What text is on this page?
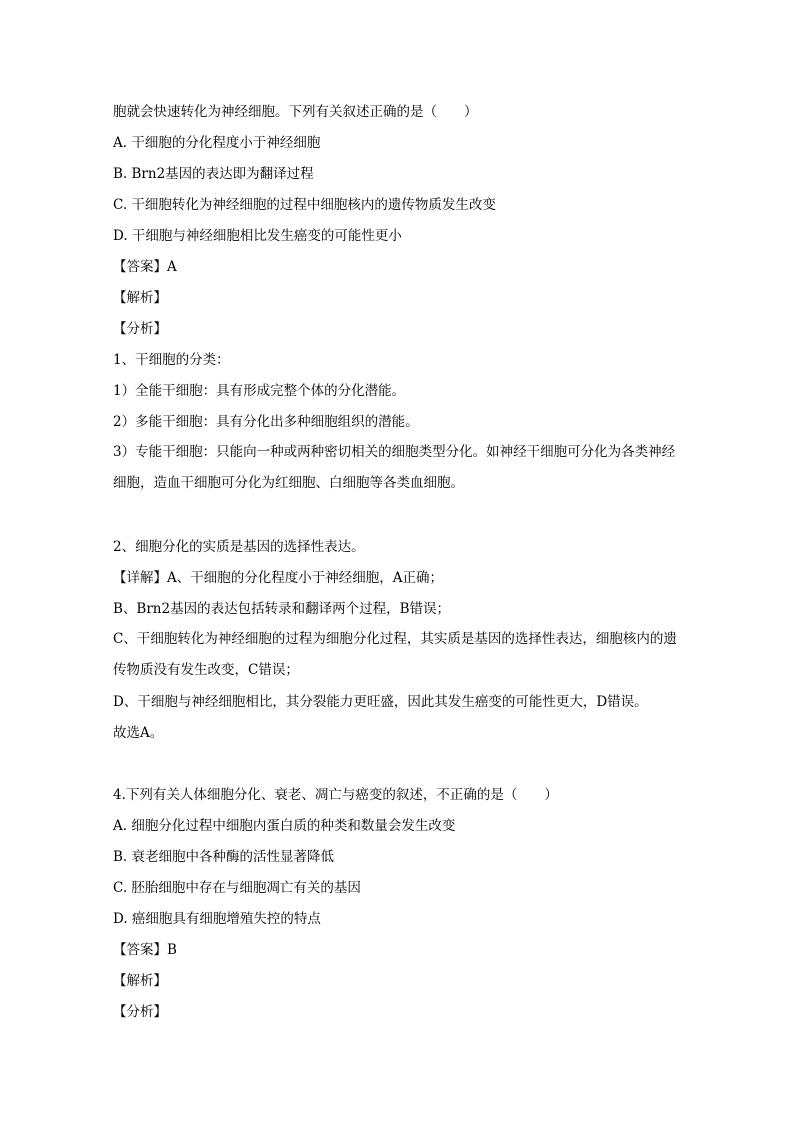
胞就会快速转化为神经细胞。下列有关叙述正确的是（　　）
A. 干细胞的分化程度小于神经细胞
B. Brn2基因的表达即为翻译过程
C. 干细胞转化为神经细胞的过程中细胞核内的遗传物质发生改变
D. 干细胞与神经细胞相比发生癌变的可能性更小
【答案】A
【解析】
【分析】
1、干细胞的分类：
1）全能干细胞：具有形成完整个体的分化潜能。
2）多能干细胞：具有分化出多种细胞组织的潜能。
3）专能干细胞：只能向一种或两种密切相关的细胞类型分化。如神经干细胞可分化为各类神经细胞，造血干细胞可分化为红细胞、白细胞等各类血细胞。
2、细胞分化的实质是基因的选择性表达。
【详解】A、干细胞的分化程度小于神经细胞，A正确；
B、Brn2基因的表达包括转录和翻译两个过程，B错误；
C、干细胞转化为神经细胞的过程为细胞分化过程，其实质是基因的选择性表达，细胞核内的遗传物质没有发生改变，C错误；
D、干细胞与神经细胞相比，其分裂能力更旺盛，因此其发生癌变的可能性更大，D错误。
故选A。
4.下列有关人体细胞分化、衰老、凋亡与癌变的叙述，不正确的是（　　）
A. 细胞分化过程中细胞内蛋白质的种类和数量会发生改变
B. 衰老细胞中各种酶的活性显著降低
C. 胚胎细胞中存在与细胞凋亡有关的基因
D. 癌细胞具有细胞增殖失控的特点
【答案】B
【解析】
【分析】
